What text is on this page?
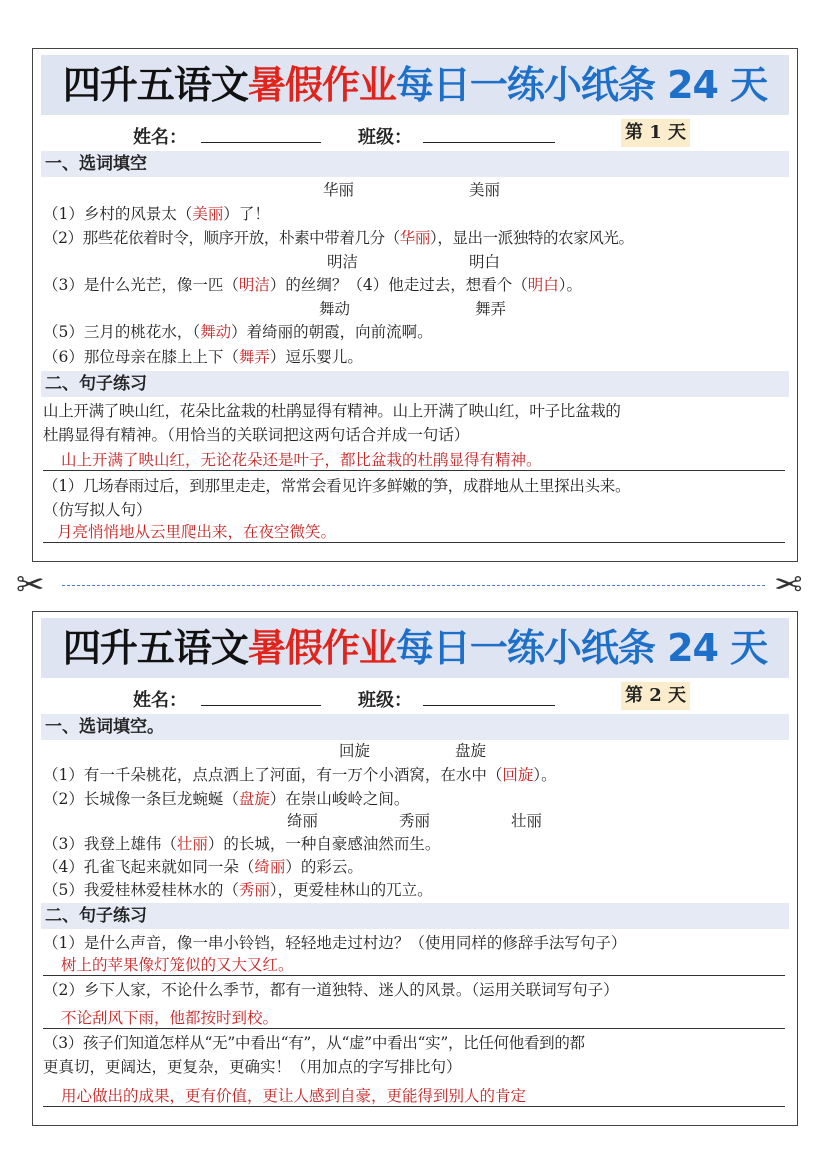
四升五语文暑假作业每日一练小纸条 24 天
姓名：	班级：	第 1 天
一、选词填空
华丽	美丽
（1）乡村的风景太（美丽）了！
（2）那些花依着时令，顺序开放，朴素中带着几分（华丽），显出一派独特的农家风光。
明洁	明白
（3）是什么光芒，像一匹（明洁）的丝绸？（4）他走过去，想看个（明白）。
舞动	舞弄
（5）三月的桃花水，（舞动）着绮丽的朝霞，向前流啊。
（6）那位母亲在膝上上下（舞弄）逗乐婴儿。
二、句子练习
山上开满了映山红，花朵比盆栽的杜鹃显得有精神。山上开满了映山红，叶子比盆栽的
杜鹃显得有精神。（用恰当的关联词把这两句话合并成一句话）
山上开满了映山红，无论花朵还是叶子，都比盆栽的杜鹃显得有精神。
（1）几场春雨过后，到那里走走，常常会看见许多鲜嫩的笋，成群地从土里探出头来。
（仿写拟人句）
月亮悄悄地从云里爬出来，在夜空微笑。
✂	✂
四升五语文暑假作业每日一练小纸条 24 天
姓名：	班级：	第 2 天
一、选词填空。
回旋	盘旋
（1）有一千朵桃花，点点洒上了河面，有一万个小酒窝，在水中（回旋）。
（2）长城像一条巨龙蜿蜒（盘旋）在崇山峻岭之间。
绮丽	秀丽	壮丽
（3）我登上雄伟（壮丽）的长城，一种自豪感油然而生。
（4）孔雀飞起来就如同一朵（绮丽）的彩云。
（5）我爱桂林爱桂林水的（秀丽），更爱桂林山的兀立。
二、句子练习
（1）是什么声音，像一串小铃铛，轻轻地走过村边？（使用同样的修辞手法写句子）
树上的苹果像灯笼似的又大又红。
（2）乡下人家，不论什么季节，都有一道独特、迷人的风景。（运用关联词写句子）
不论刮风下雨，他都按时到校。
（3）孩子们知道怎样从“无”中看出“有”，从“虚”中看出“实”，比任何他看到的都
更真切，更阔达，更复杂，更确实！（用加点的字写排比句）
用心做出的成果，更有价值，更让人感到自豪，更能得到别人的肯定
